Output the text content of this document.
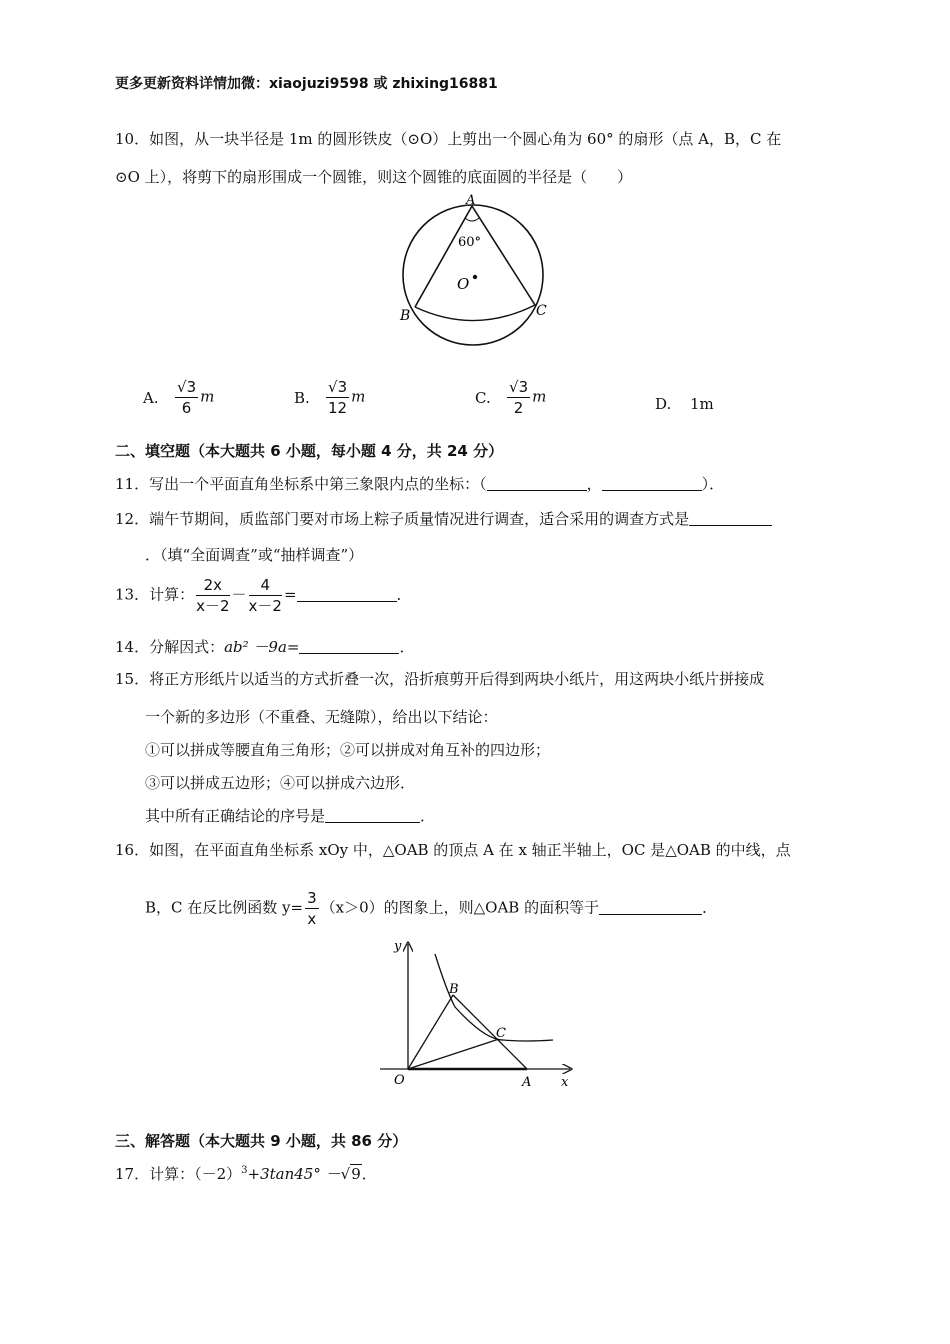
更多更新资料详情加微：xiaojuzi9598 或 zhixing16881
10．如图，从一块半径是 1m 的圆形铁皮（⊙O）上剪出一个圆心角为 60° 的扇形（点 A，B，C 在
⊙O 上），将剪下的扇形围成一个圆锥，则这个圆锥的底面圆的半径是（　　）
A
60°
O
B	C
A. $\frac{√3}{6}$ m	B. $\frac{√3}{12}$ m	C. $\frac{√3}{2}$ m	D. 1m
二、填空题（本大题共 6 小题，每小题 4 分，共 24 分）
11．写出一个平面直角坐标系中第三象限内点的坐标：（	，	）．
12．端午节期间，质监部门要对市场上粽子质量情况进行调查，适合采用的调查方式是
．（填“全面调查”或“抽样调查”）
13．计算： $\frac{2x}{x-2} - \frac{4}{x-2}$ =	．
14．分解因式：ab² －9a=	．
15．将正方形纸片以适当的方式折叠一次，沿折痕剪开后得到两块小纸片，用这两块小纸片拼接成
一个新的多边形（不重叠、无缝隙），给出以下结论：
①可以拼成等腰直角三角形；②可以拼成对角互补的四边形；
③可以拼成五边形；④可以拼成六边形．
其中所有正确结论的序号是	．
16．如图，在平面直角坐标系 xOy 中，△OAB 的顶点 A 在 x 轴正半轴上，OC 是△OAB 的中线，点
B，C 在反比例函数 $y= \frac{3}{x} (x>0)$的图象上，则△OAB 的面积等于	．
y
x
O	A
B
C
三、解答题（本大题共 9 小题，共 86 分）
17．计算：$(-2)^3+3\tan 45^\circ -√9$．
